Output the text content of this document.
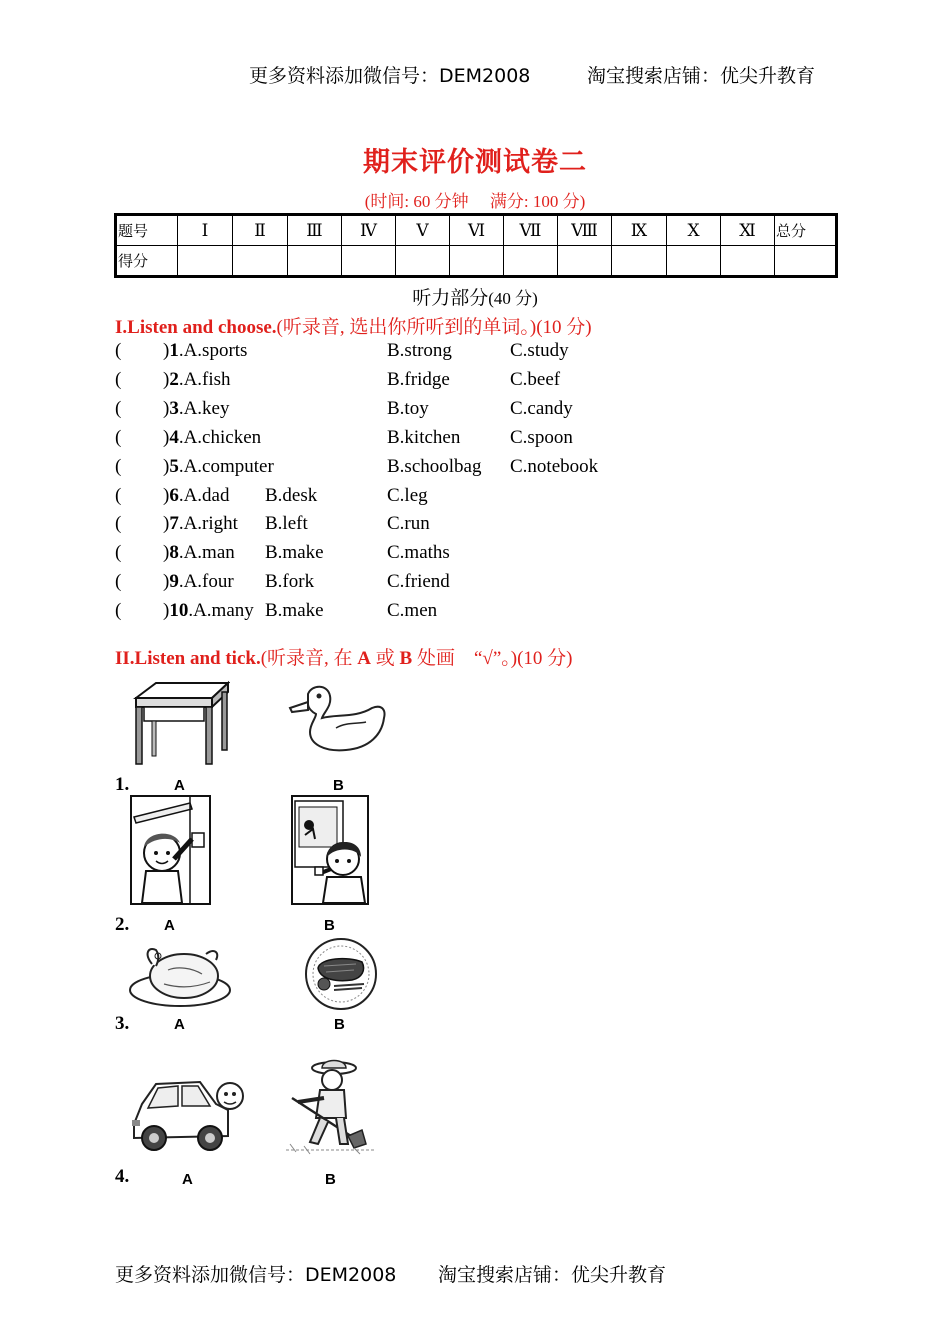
更多资料添加微信号：DEM2008	淘宝搜索店铺：优尖升教育
期末评价测试卷二
(时间: 60 分钟　 满分: 100 分)
题号	Ⅰ	Ⅱ	Ⅲ	Ⅳ	Ⅴ	Ⅵ	Ⅶ	Ⅷ	Ⅸ	Ⅹ	Ⅺ	总分
得分												
听力部分(40 分)
I.Listen and choose.(听录音, 选出你所听到的单词。)(10 分)
( )1.A.sports	B.strong	C.study
( )2.A.fish	B.fridge	C.beef
( )3.A.key	B.toy	C.candy
( )4.A.chicken	B.kitchen	C.spoon
( )5.A.computer	B.schoolbag C.notebook
( )6.A.dad B.desk	C.leg
( )7.A.right B.left	C.run
( )8.A.man B.make	C.maths
( )9.A.four B.fork	C.friend
( )10.A.many B.make	C.men
II.Listen and tick.(听录音, 在 A 或 B 处画　“√”。)(10 分)
1.	A	B
2. A	B
3.	A	B
4.	A	B
更多资料添加微信号：DEM2008 淘宝搜索店铺：优尖升教育
